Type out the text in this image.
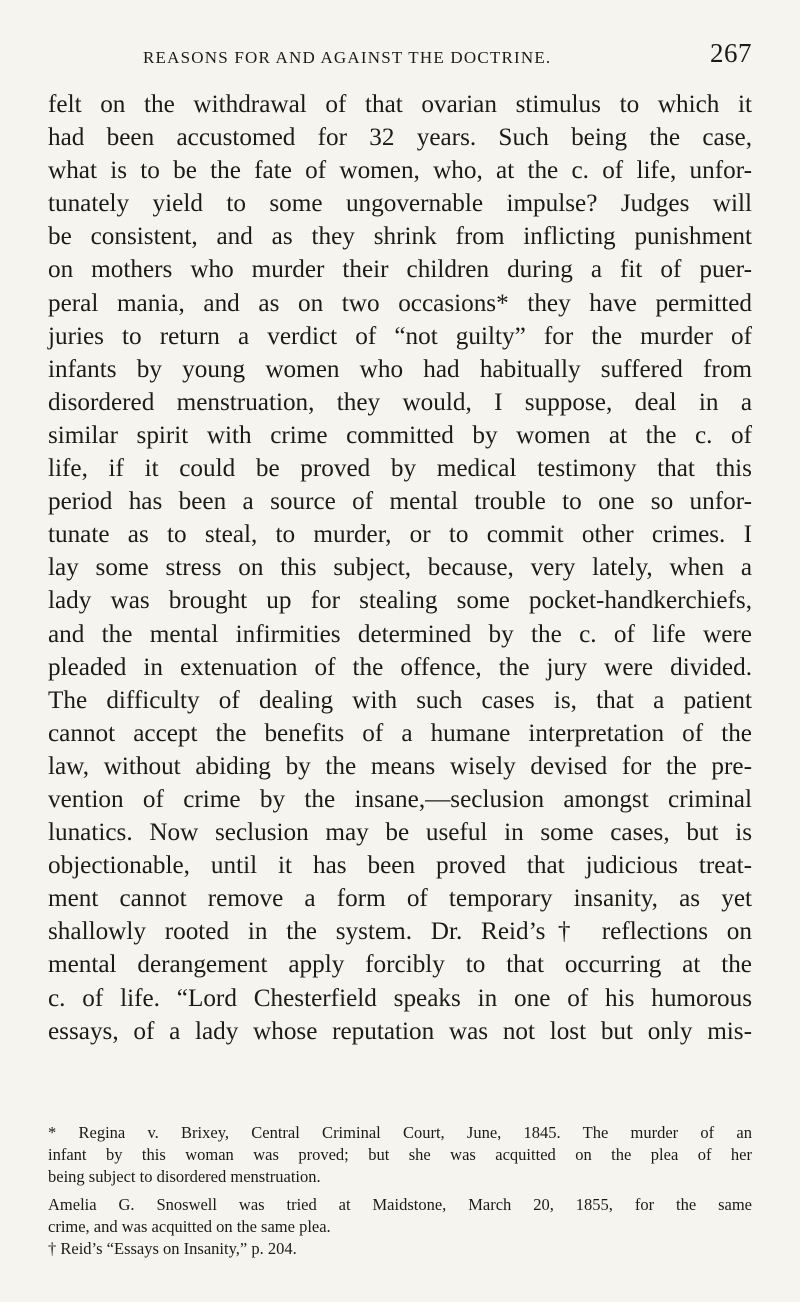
REASONS FOR AND AGAINST THE DOCTRINE.	267
felt on the withdrawal of that ovarian stimulus to which it
had been accustomed for 32 years. Such being the case,
what is to be the fate of women, who, at the c. of life, unfor-
tunately yield to some ungovernable impulse? Judges will
be consistent, and as they shrink from inflicting punishment
on mothers who murder their children during a fit of puer-
peral mania, and as on two occasions* they have permitted
juries to return a verdict of “not guilty” for the murder of
infants by young women who had habitually suffered from
disordered menstruation, they would, I suppose, deal in a
similar spirit with crime committed by women at the c. of
life, if it could be proved by medical testimony that this
period has been a source of mental trouble to one so unfor-
tunate as to steal, to murder, or to commit other crimes. I
lay some stress on this subject, because, very lately, when a
lady was brought up for stealing some pocket-handkerchiefs,
and the mental infirmities determined by the c. of life were
pleaded in extenuation of the offence, the jury were divided.
The difficulty of dealing with such cases is, that a patient
cannot accept the benefits of a humane interpretation of the
law, without abiding by the means wisely devised for the pre-
vention of crime by the insane,—seclusion amongst criminal
lunatics. Now seclusion may be useful in some cases, but is
objectionable, until it has been proved that judicious treat-
ment cannot remove a form of temporary insanity, as yet
shallowly rooted in the system. Dr. Reid’s† reflections on
mental derangement apply forcibly to that occurring at the
c. of life. “Lord Chesterfield speaks in one of his humorous
essays, of a lady whose reputation was not lost but only mis-
* Regina v. Brixey, Central Criminal Court, June, 1845. The murder of an
infant by this woman was proved; but she was acquitted on the plea of her
being subject to disordered menstruation.
Amelia G. Snoswell was tried at Maidstone, March 20, 1855, for the same
crime, and was acquitted on the same plea.
† Reid’s “Essays on Insanity,” p. 204.
